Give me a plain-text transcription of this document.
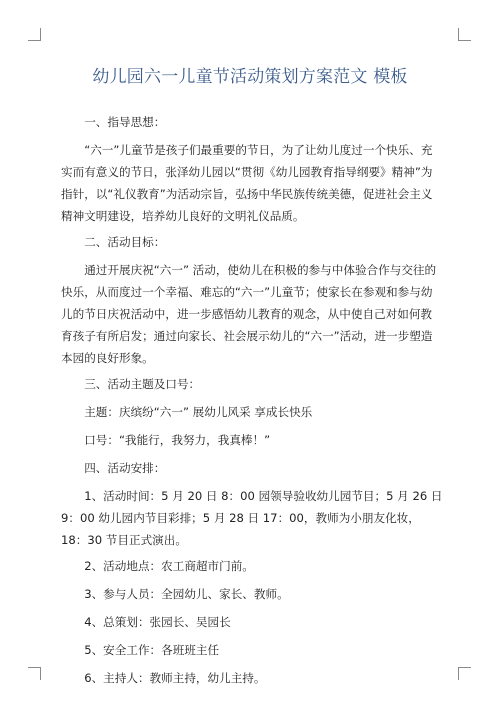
幼儿园六一儿童节活动策划方案范文 模板

一、指导思想：

“六一”儿童节是孩子们最重要的节日，为了让幼儿度过一个快乐、充实而有意义的节日，张泽幼儿园以“贯彻《幼儿园教育指导纲要》精神”为指针，以“礼仪教育”为活动宗旨，弘扬中华民族传统美德，促进社会主义精神文明建设，培养幼儿良好的文明礼仪品质。

二、活动目标：

通过开展庆祝“六一” 活动，使幼儿在积极的参与中体验合作与交往的快乐，从而度过一个幸福、难忘的“六一”儿童节；使家长在参观和参与幼儿的节日庆祝活动中，进一步感悟幼儿教育的观念，从中使自己对如何教育孩子有所启发；通过向家长、社会展示幼儿的“六一”活动，进一步塑造本园的良好形象。

三、活动主题及口号：

主题：庆缤纷“六一” 展幼儿风采 享成长快乐

口号：“我能行，我努力，我真棒！”

四、活动安排：

1、活动时间：5 月 20 日 8：00 园领导验收幼儿园节目；5 月 26 日 9：00 幼儿园内节目彩排；5 月 28 日 17：00，教师为小朋友化妆，18：30 节目正式演出。

2、活动地点：农工商超市门前。

3、参与人员：全园幼儿、家长、教师。

4、总策划：张园长、吴园长

5、安全工作：各班班主任

6、主持人：教师主持，幼儿主持。
